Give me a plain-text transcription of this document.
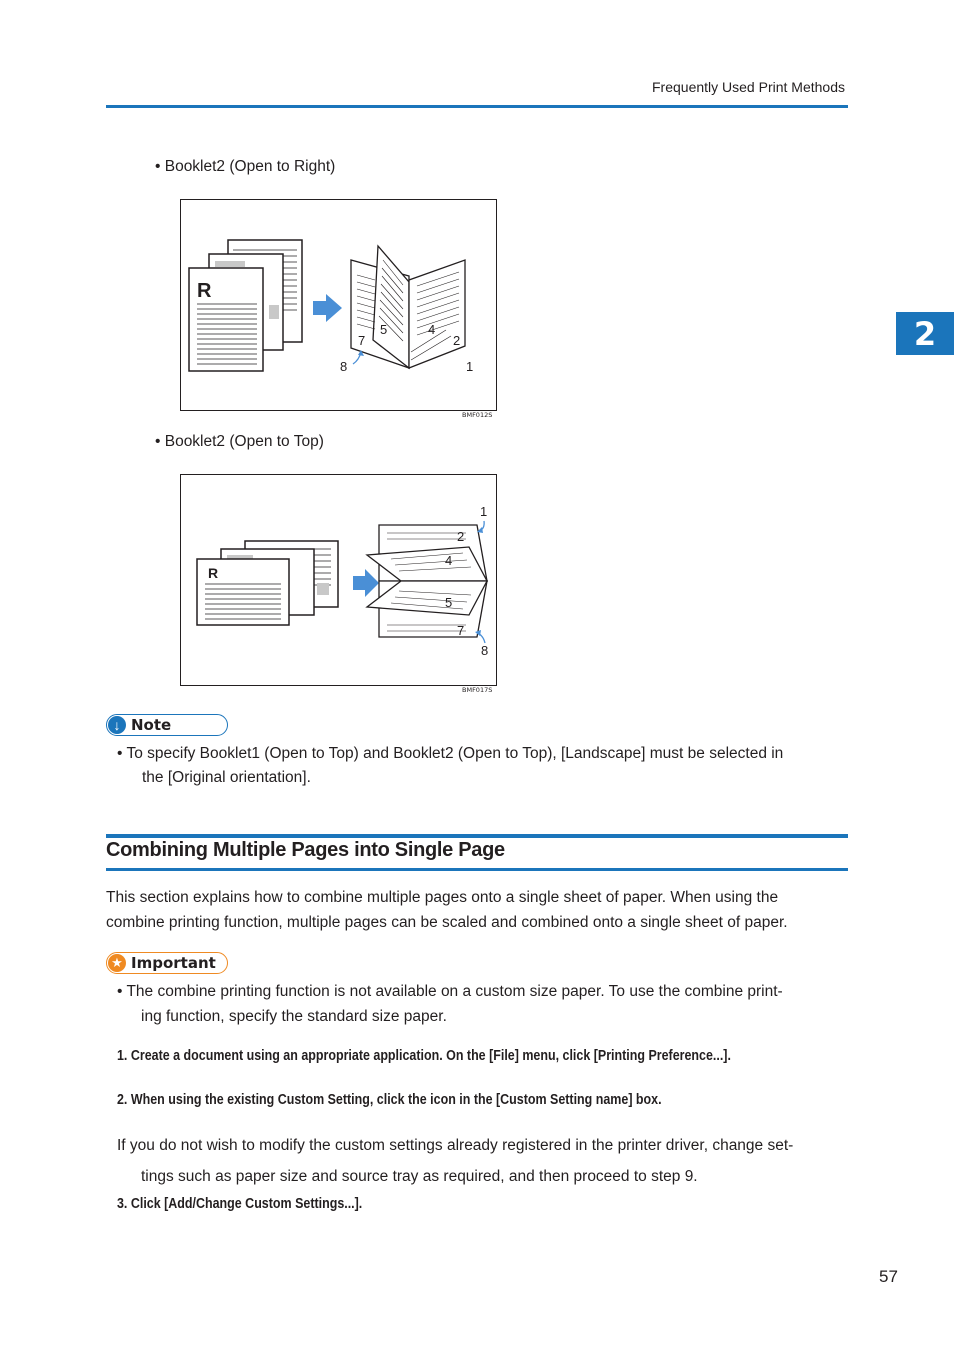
Frequently Used Print Methods
2
• Booklet2 (Open to Right)
R
5	4
7	2
8	1
BMF012S
• Booklet2 (Open to Top)
R
1
2
4
5
7
8
BMF017S
↓ Note
• To specify Booklet1 (Open to Top) and Booklet2 (Open to Top), [Landscape] must be selected in
the [Original orientation].
Combining Multiple Pages into Single Page
This section explains how to combine multiple pages onto a single sheet of paper. When using the
combine printing function, multiple pages can be scaled and combined onto a single sheet of paper.
★ Important
• The combine printing function is not available on a custom size paper. To use the combine print-
ing function, specify the standard size paper.
1. Create a document using an appropriate application. On the [File] menu, click [Printing Preference...].
2. When using the existing Custom Setting, click the icon in the [Custom Setting name] box.
If you do not wish to modify the custom settings already registered in the printer driver, change set-
tings such as paper size and source tray as required, and then proceed to step 9.
3. Click [Add/Change Custom Settings...].
57
